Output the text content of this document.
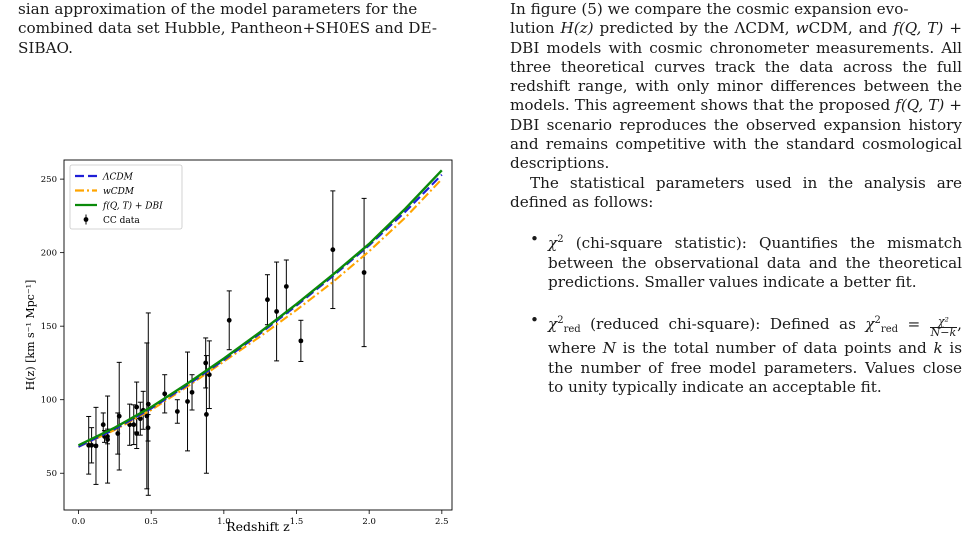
sian approximation of the model parameters for the

combined data set Hubble, Pantheon+SH0ES and DE-

SIBAO.

0.0	0.5	1.0	1.5	2.0	2.5
50
100
150
200
250
Redshift z
H(z) [km s⁻¹ Mpc⁻¹]
ΛCDM
wCDM
f(Q, T) + DBI
CC data

In figure (5) we compare the cosmic expansion evo-

lution H(z) predicted by the ΛCDM, wCDM, and f(Q, T) + DBI models with cosmic chronometer measurements. All three theoretical curves track the data across the full redshift range, with only minor differences between the models. This agreement shows that the proposed f(Q, T) + DBI scenario reproduces the observed expansion history and remains competitive with the standard cosmological descriptions.

The statistical parameters used in the analysis are defined as follows:

• $\chi^2$ (chi-square statistic): Quantifies the mismatch between the observational data and the theoretical predictions. Smaller values indicate a better fit.
• $\chi^2_{red}$ (reduced chi-square): Defined as $\chi^2_{red} = \frac{\text{χ²}}{N-k}$ , where N is the total number of data points and k is the number of free model parameters. Values close to unity typically indicate an acceptable fit.
